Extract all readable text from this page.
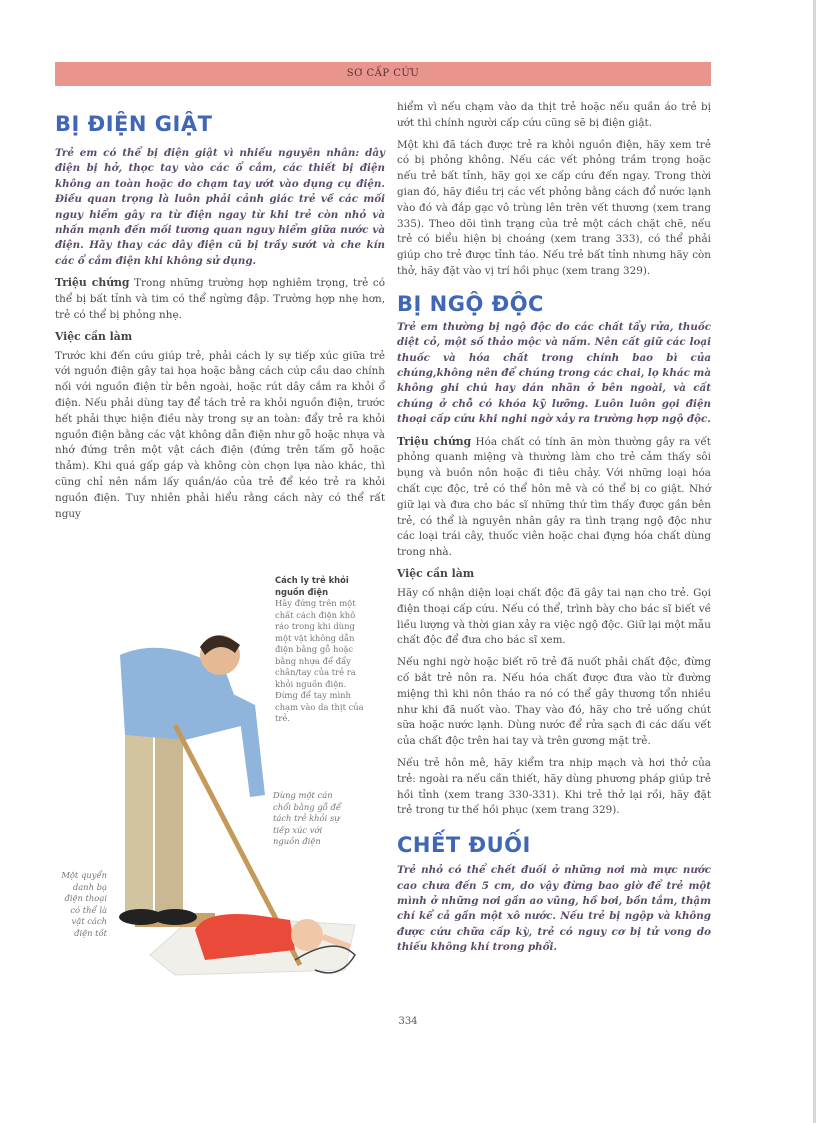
SƠ CẤP CỨU
BỊ ĐIỆN GIẬT

Trẻ em có thể bị điện giật vì nhiều nguyên nhân: dây điện bị hở, thọc tay vào các ổ cắm, các thiết bị điện không an toàn hoặc do chạm tay ướt vào dụng cụ điện. Điều quan trọng là luôn phải cảnh giác trẻ về các mối nguy hiểm gây ra từ điện ngay từ khi trẻ còn nhỏ và nhấn mạnh đến mối tương quan nguy hiểm giữa nước và điện. Hãy thay các dây điện cũ bị trầy sướt và che kín các ổ cắm điện khi không sử dụng.

Triệu chứng Trong những trường hợp nghiêm trọng, trẻ có thể bị bất tỉnh và tim có thể ngừng đập. Trường hợp nhẹ hơn, trẻ có thể bị phỏng nhẹ.

Việc cần làm

Trước khi đến cứu giúp trẻ, phải cách ly sự tiếp xúc giữa trẻ với nguồn điện gây tai họa hoặc bằng cách cúp cầu dao chính nối với nguồn điện từ bên ngoài, hoặc rút dây cắm ra khỏi ổ điện. Nếu phải dùng tay để tách trẻ ra khỏi nguồn điện, trước hết phải thực hiện điều này trong sự an toàn: đẩy trẻ ra khỏi nguồn điện bằng các vật không dẫn điện như gỗ hoặc nhựa và nhớ đứng trên một vật cách điện (đứng trên tấm gỗ hoặc thảm). Khi quá gấp gáp và không còn chọn lựa nào khác, thì cũng chỉ nên nắm lấy quần/áo của trẻ để kéo trẻ ra khỏi nguồn điện. Tuy nhiên phải hiểu rằng cách này có thể rất nguy

Cách ly trẻ khỏi nguồn điện
Hãy đứng trên một chất cách điện khô ráo trong khi dùng một vật không dẫn điện bằng gỗ hoặc bằng nhựa để đẩy chân/tay của trẻ ra khỏi nguồn điện. Đừng để tay mình chạm vào da thịt của trẻ.
Dùng một cán chổi bằng gỗ để tách trẻ khỏi sự tiếp xúc với nguồn điện
Một quyển danh bạ điện thoại có thể là vật cách điện tốt

hiểm vì nếu chạm vào da thịt trẻ hoặc nếu quần áo trẻ bị ướt thì chính người cấp cứu cũng sẽ bị điện giật.

Một khi đã tách được trẻ ra khỏi nguồn điện, hãy xem trẻ có bị phỏng không. Nếu các vết phỏng trầm trọng hoặc nếu trẻ bất tỉnh, hãy gọi xe cấp cứu đến ngay. Trong thời gian đó, hãy điều trị các vết phỏng bằng cách đổ nước lạnh vào đó và đắp gạc vô trùng lên trên vết thương (xem trang 335). Theo dõi tình trạng của trẻ một cách chặt chẽ, nếu trẻ có biểu hiện bị choáng (xem trang 333), có thể phải giúp cho trẻ được tỉnh táo. Nếu trẻ bất tỉnh nhưng hãy còn thở, hãy đặt vào vị trí hồi phục (xem trang 329).

BỊ NGỘ ĐỘC

Trẻ em thường bị ngộ độc do các chất tẩy rửa, thuốc diệt cỏ, một số thảo mộc và nấm. Nên cất giữ các loại thuốc và hóa chất trong chính bao bì của chúng,không nên để chúng trong các chai, lọ khác mà không ghi chú hay dán nhãn ở bên ngoài, và cất chúng ở chỗ có khóa kỹ lưỡng. Luôn luôn gọi điện thoại cấp cứu khi nghi ngờ xảy ra trường hợp ngộ độc.

Triệu chứng Hóa chất có tính ăn mòn thường gây ra vết phỏng quanh miệng và thường làm cho trẻ cảm thấy sôi bụng và buồn nôn hoặc đi tiêu chảy. Với những loại hóa chất cực độc, trẻ có thể hôn mê và có thể bị co giật. Nhớ giữ lại và đưa cho bác sĩ những thứ tìm thấy được gần bên trẻ, có thể là nguyên nhân gây ra tình trạng ngộ độc như các loại trái cây, thuốc viên hoặc chai đựng hóa chất dùng trong nhà.

Việc cần làm

Hãy cố nhận diện loại chất độc đã gây tai nạn cho trẻ. Gọi điện thoại cấp cứu. Nếu có thể, trình bày cho bác sĩ biết về liều lượng và thời gian xảy ra việc ngộ độc. Giữ lại một mẫu chất độc để đưa cho bác sĩ xem.

Nếu nghi ngờ hoặc biết rõ trẻ đã nuốt phải chất độc, đừng cố bắt trẻ nôn ra. Nếu hóa chất được đưa vào từ đường miệng thì khi nôn tháo ra nó có thể gây thương tổn nhiều như khi đã nuốt vào. Thay vào đó, hãy cho trẻ uống chút sữa hoặc nước lạnh. Dùng nước để rửa sạch đi các dấu vết của chất độc trên hai tay và trên gương mặt trẻ.

Nếu trẻ hôn mê, hãy kiểm tra nhịp mạch và hơi thở của trẻ: ngoài ra nếu cần thiết, hãy dùng phương pháp giúp trẻ hồi tỉnh (xem trang 330-331). Khi trẻ thở lại rồi, hãy đặt trẻ trong tư thế hồi phục (xem trang 329).

CHẾT ĐUỐI

Trẻ nhỏ có thể chết đuối ở những nơi mà mực nước cao chưa đến 5 cm, do vậy đừng bao giờ để trẻ một mình ở những nơi gần ao vũng, hồ bơi, bồn tắm, thậm chí kể cả gần một xô nước. Nếu trẻ bị ngộp và không được cứu chữa cấp kỳ, trẻ có nguy cơ bị tử vong do thiếu không khí trong phổi.

334
